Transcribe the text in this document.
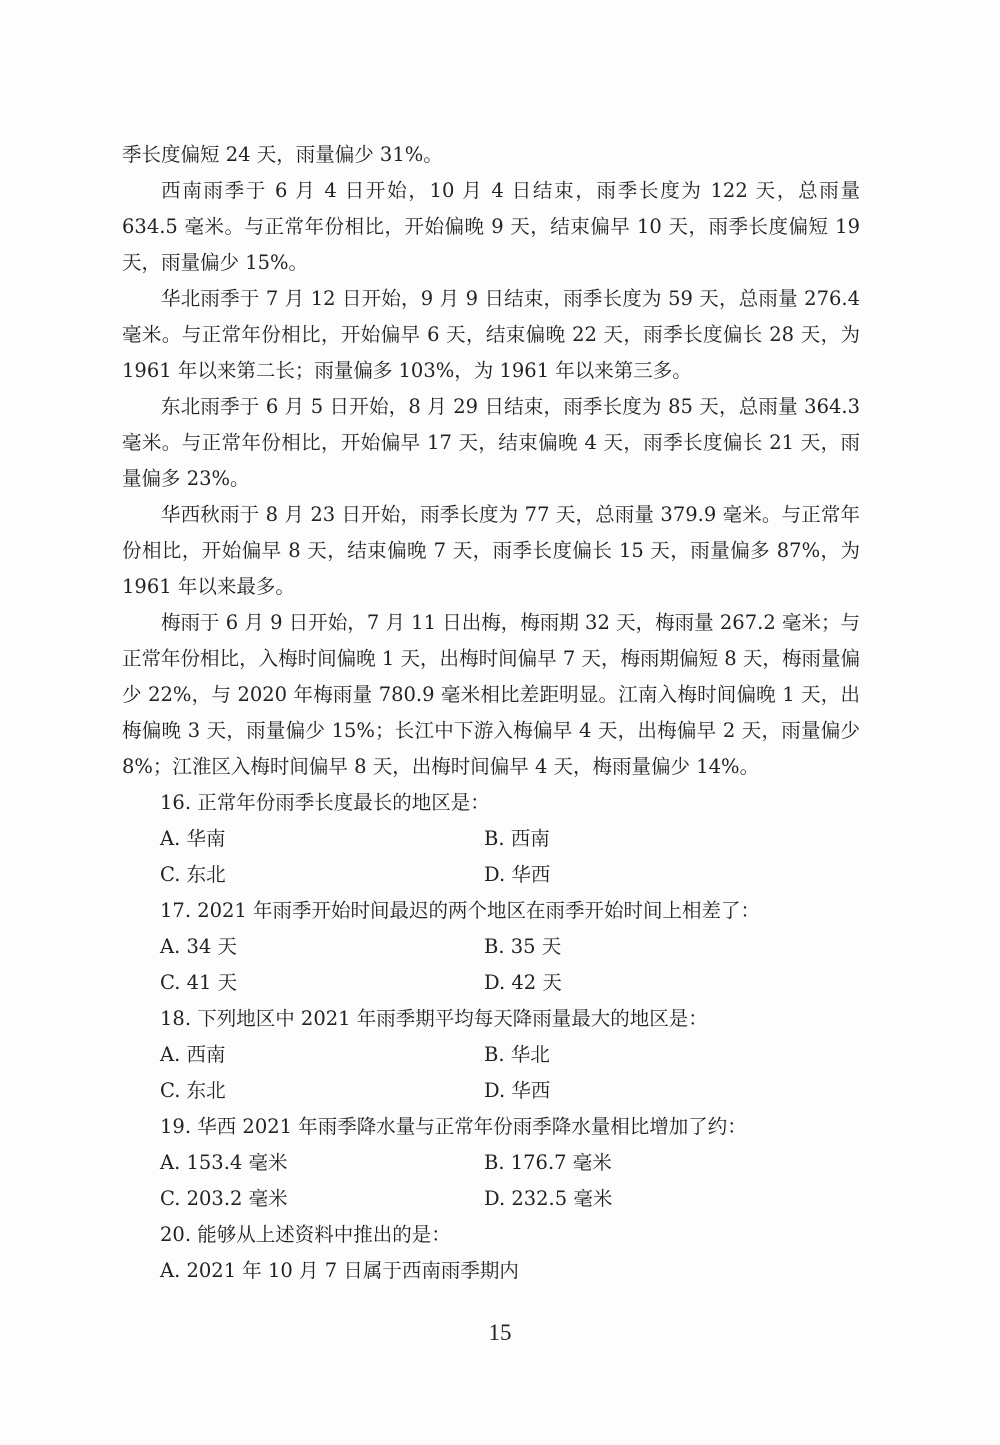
季长度偏短 24 天，雨量偏少 31%。

西南雨季于 6 月 4 日开始，10 月 4 日结束，雨季长度为 122 天，总雨量 634.5 毫米。与正常年份相比，开始偏晚 9 天，结束偏早 10 天，雨季长度偏短 19 天，雨量偏少 15%。

华北雨季于 7 月 12 日开始，9 月 9 日结束，雨季长度为 59 天，总雨量 276.4 毫米。与正常年份相比，开始偏早 6 天，结束偏晚 22 天，雨季长度偏长 28 天，为 1961 年以来第二长；雨量偏多 103%，为 1961 年以来第三多。

东北雨季于 6 月 5 日开始，8 月 29 日结束，雨季长度为 85 天，总雨量 364.3 毫米。与正常年份相比，开始偏早 17 天，结束偏晚 4 天，雨季长度偏长 21 天，雨量偏多 23%。

华西秋雨于 8 月 23 日开始，雨季长度为 77 天，总雨量 379.9 毫米。与正常年份相比，开始偏早 8 天，结束偏晚 7 天，雨季长度偏长 15 天，雨量偏多 87%，为 1961 年以来最多。

梅雨于 6 月 9 日开始，7 月 11 日出梅，梅雨期 32 天，梅雨量 267.2 毫米；与正常年份相比，入梅时间偏晚 1 天，出梅时间偏早 7 天，梅雨期偏短 8 天，梅雨量偏少 22%，与 2020 年梅雨量 780.9 毫米相比差距明显。江南入梅时间偏晚 1 天，出梅偏晚 3 天，雨量偏少 15%；长江中下游入梅偏早 4 天，出梅偏早 2 天，雨量偏少 8%；江淮区入梅时间偏早 8 天，出梅时间偏早 4 天，梅雨量偏少 14%。

16. 正常年份雨季长度最长的地区是：

A. 华南	B. 西南
C. 东北	D. 华西

17. 2021 年雨季开始时间最迟的两个地区在雨季开始时间上相差了：

A. 34 天	B. 35 天
C. 41 天	D. 42 天

18. 下列地区中 2021 年雨季期平均每天降雨量最大的地区是：

A. 西南	B. 华北
C. 东北	D. 华西

19. 华西 2021 年雨季降水量与正常年份雨季降水量相比增加了约：

A. 153.4 毫米	B. 176.7 毫米
C. 203.2 毫米	D. 232.5 毫米

20. 能够从上述资料中推出的是：

A. 2021 年 10 月 7 日属于西南雨季期内
15
